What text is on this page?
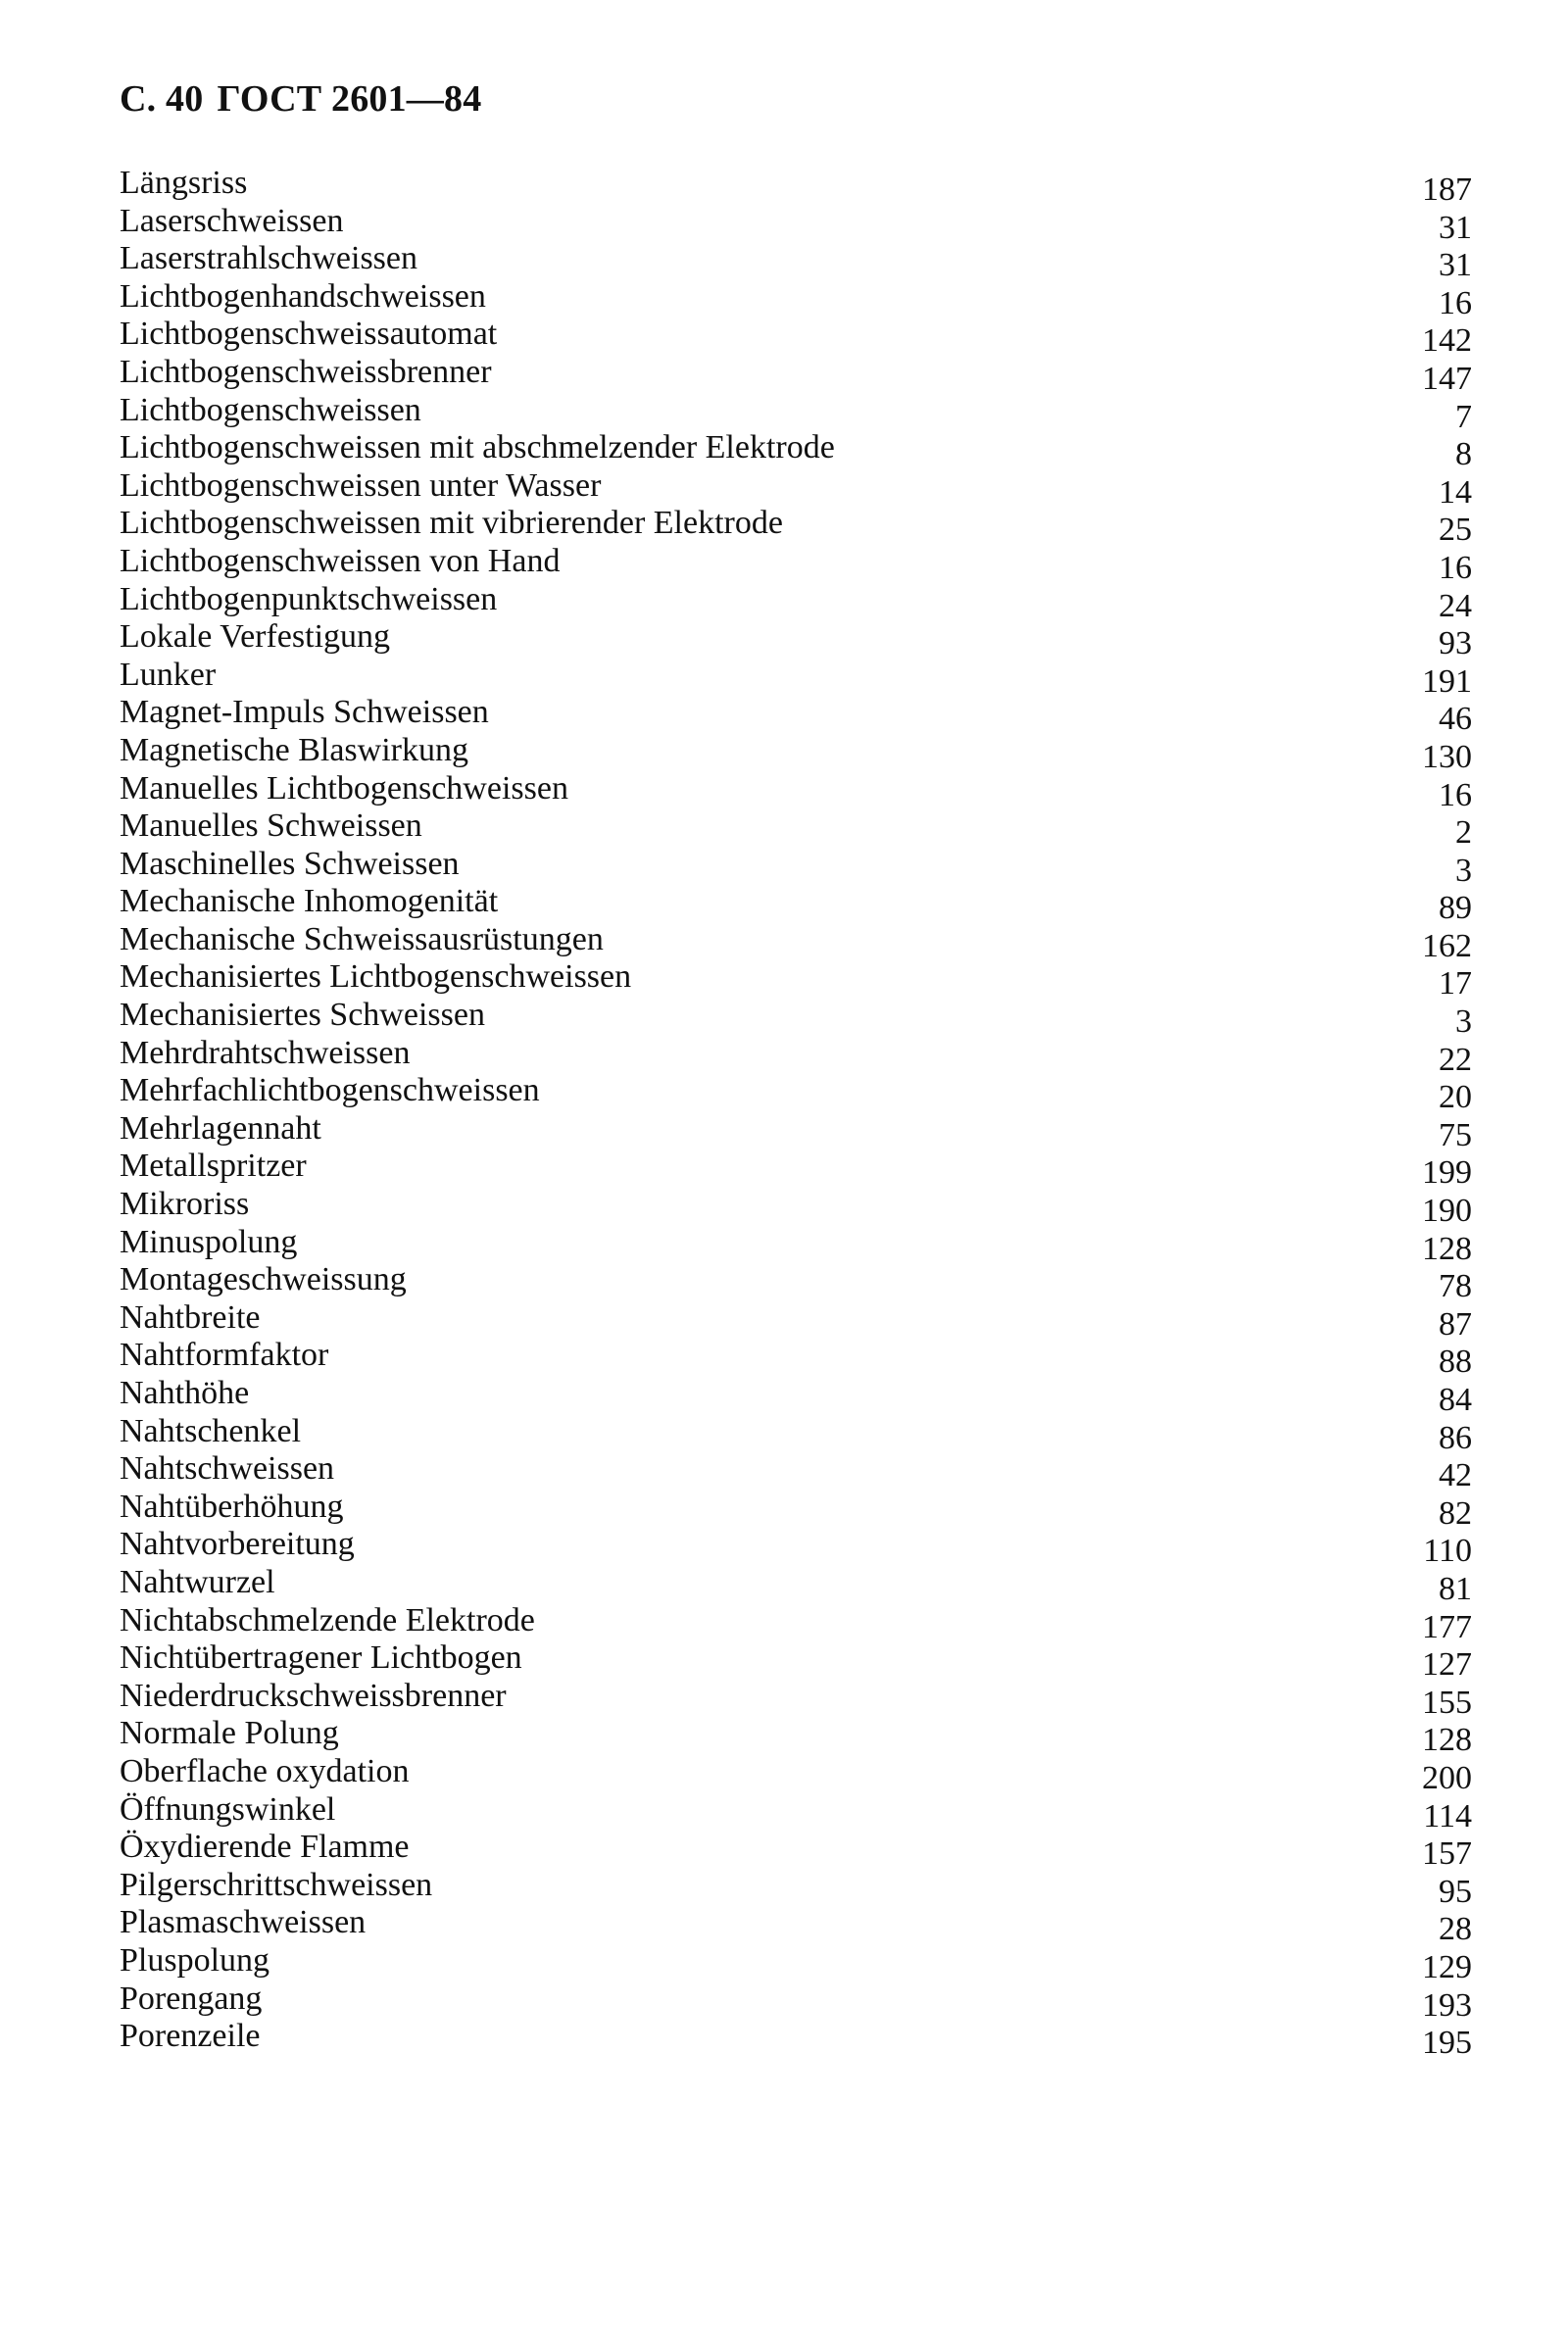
С. 40 ГОСТ 2601—84
Längsriss	187
Laserschweissen	31
Laserstrahlschweissen	31
Lichtbogenhandschweissen	16
Lichtbogenschweissautomat	142
Lichtbogenschweissbrenner	147
Lichtbogenschweissen	7
Lichtbogenschweissen mit abschmelzender Elektrode	8
Lichtbogenschweissen unter Wasser	14
Lichtbogenschweissen mit vibrierender Elektrode	25
Lichtbogenschweissen von Hand	16
Lichtbogenpunktschweissen	24
Lokale Verfestigung	93
Lunker	191
Magnet-Impuls Schweissen	46
Magnetische Blaswirkung	130
Manuelles Lichtbogenschweissen	16
Manuelles Schweissen	2
Maschinelles Schweissen	3
Mechanische Inhomogenität	89
Mechanische Schweissausrüstungen	162
Mechanisiertes Lichtbogenschweissen	17
Mechanisiertes Schweissen	3
Mehrdrahtschweissen	22
Mehrfachlichtbogenschweissen	20
Mehrlagennaht	75
Metallspritzer	199
Mikroriss	190
Minuspolung	128
Montageschweissung	78
Nahtbreite	87
Nahtformfaktor	88
Nahthöhe	84
Nahtschenkel	86
Nahtschweissen	42
Nahtüberhöhung	82
Nahtvorbereitung	110
Nahtwurzel	81
Nichtabschmelzende Elektrode	177
Nichtübertragener Lichtbogen	127
Niederdruckschweissbrenner	155
Normale Polung	128
Oberflache oxydation	200
Öffnungswinkel	114
Öxydierende Flamme	157
Pilgerschrittschweissen	95
Plasmaschweissen	28
Pluspolung	129
Porengang	193
Porenzeile	195
